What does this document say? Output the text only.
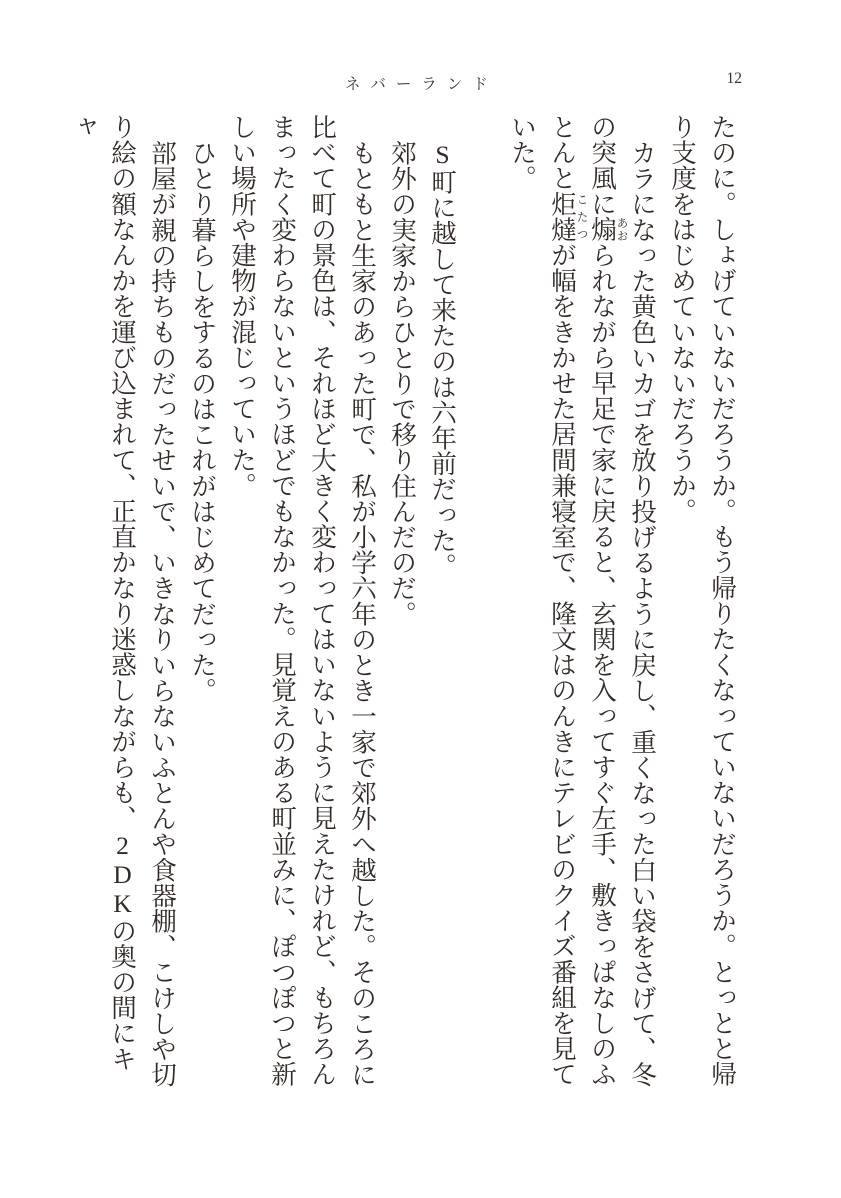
ネバーランド	12

たのに。しょげていないだろうか。もう帰りたくなっていないだろうか。とっとと帰り支度をはじめていないだろうか。

カラになった黄色いカゴを放り投げるように戻し、重くなった白い袋をさげて、冬の突風に煽あおられながら早足で家に戻ると、玄関を入ってすぐ左手、敷きっぱなしのふとんと炬燵こたつが幅をきかせた居間兼寝室で、隆文はのんきにテレビのクイズ番組を見ていた。

S町に越して来たのは六年前だった。

郊外の実家からひとりで移り住んだのだ。

もともと生家のあった町で、私が小学六年のとき一家で郊外へ越した。そのころに比べて町の景色は、それほど大きく変わってはいないように見えたけれど、もちろんまったく変わらないというほどでもなかった。見覚えのある町並みに、ぽつぽつと新しい場所や建物が混じっていた。

ひとり暮らしをするのはこれがはじめてだった。

部屋が親の持ちものだったせいで、いきなりいらないふとんや食器棚、こけしや切り絵の額なんかを運び込まれて、正直かなり迷惑しながらも、2DKの奥の間にキャ
